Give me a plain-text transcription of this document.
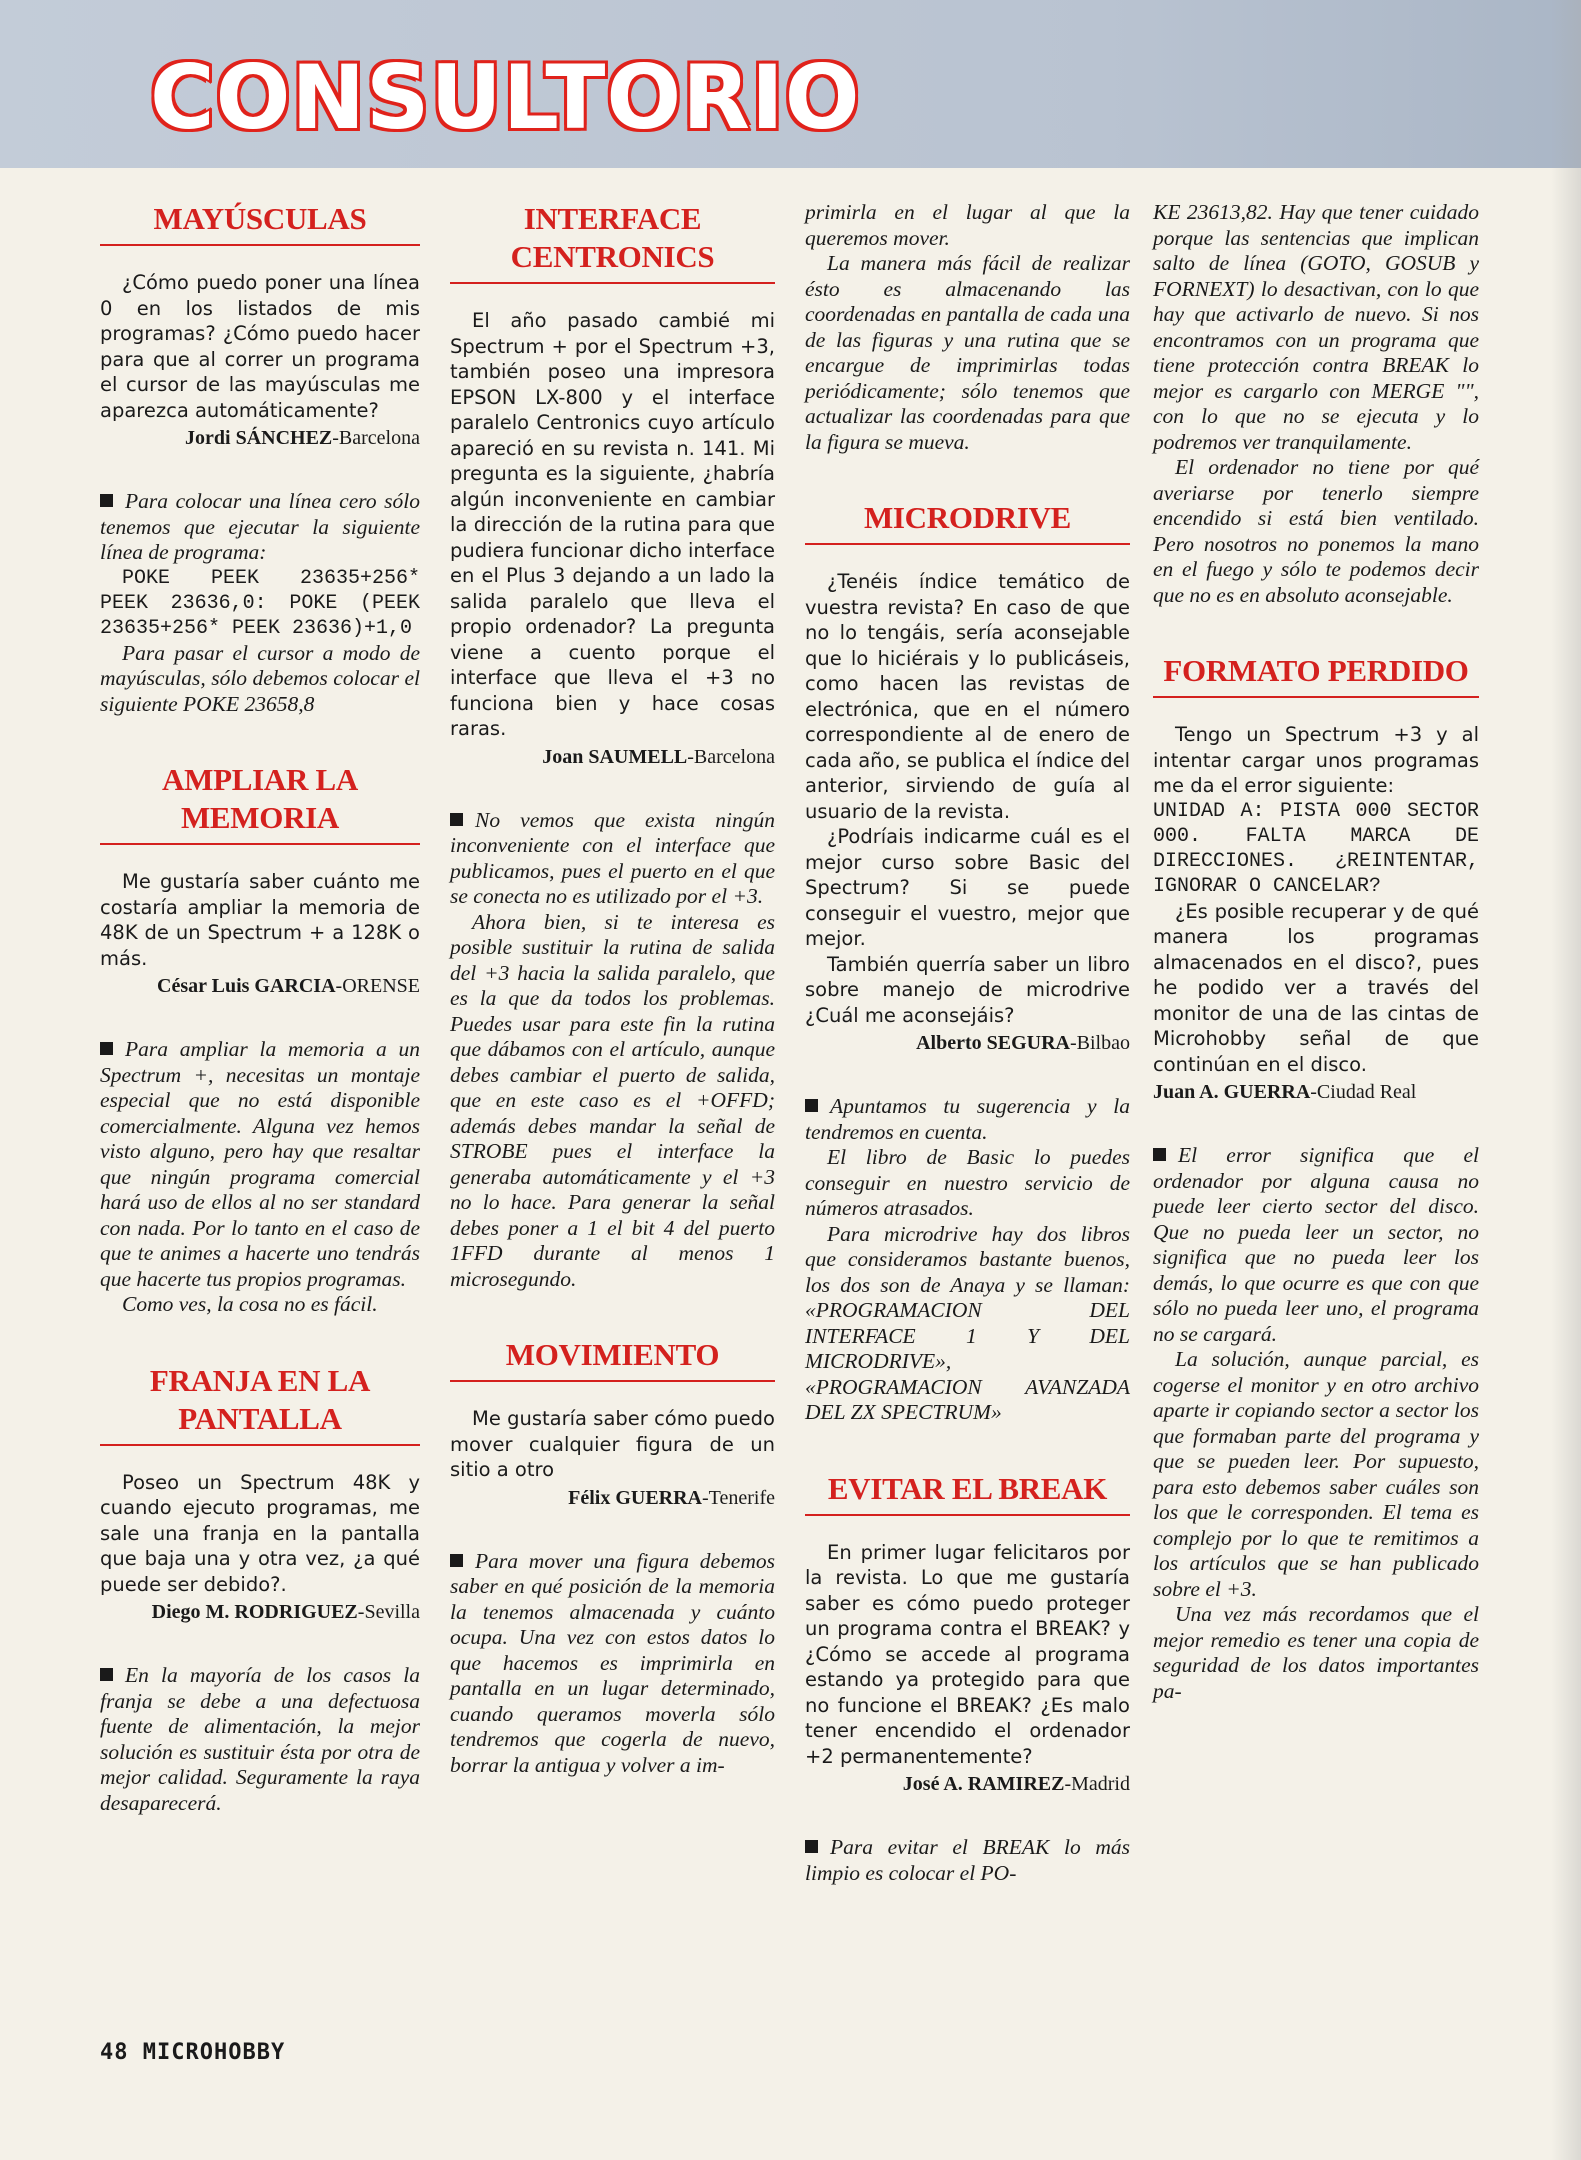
CONSULTORIO
MAYÚSCULAS

¿Cómo puedo poner una línea 0 en los listados de mis programas? ¿Cómo puedo hacer para que al correr un programa el cursor de las mayúsculas me aparezca automáticamente?

Jordi SÁNCHEZ-Barcelona

Para colocar una línea cero sólo tenemos que ejecutar la siguiente línea de programa:

POKE PEEK 23635+256* PEEK 23636,0: POKE (PEEK 23635+256* PEEK 23636)+1,0

Para pasar el cursor a modo de mayúsculas, sólo debemos colocar el siguiente POKE 23658,8

AMPLIAR LA MEMORIA

Me gustaría saber cuánto me costaría ampliar la memoria de 48K de un Spectrum + a 128K o más.

César Luis GARCIA-ORENSE

Para ampliar la memoria a un Spectrum +, necesitas un montaje especial que no está disponible comercialmente. Alguna vez hemos visto alguno, pero hay que resaltar que ningún programa comercial hará uso de ellos al no ser standard con nada. Por lo tanto en el caso de que te animes a hacerte uno tendrás que hacerte tus propios programas.

Como ves, la cosa no es fácil.

FRANJA EN LA PANTALLA

Poseo un Spectrum 48K y cuando ejecuto programas, me sale una franja en la pantalla que baja una y otra vez, ¿a qué puede ser debido?.

Diego M. RODRIGUEZ-Sevilla

En la mayoría de los casos la franja se debe a una defectuosa fuente de alimentación, la mejor solución es sustituir ésta por otra de mejor calidad. Seguramente la raya desaparecerá.

INTERFACE CENTRONICS

El año pasado cambié mi Spectrum + por el Spectrum +3, también poseo una impresora EPSON LX-800 y el interface paralelo Centronics cuyo artículo apareció en su revista n. 141. Mi pregunta es la siguiente, ¿habría algún inconveniente en cambiar la dirección de la rutina para que pudiera funcionar dicho interface en el Plus 3 dejando a un lado la salida paralelo que lleva el propio ordenador? La pregunta viene a cuento porque el interface que lleva el +3 no funciona bien y hace cosas raras.

Joan SAUMELL-Barcelona

No vemos que exista ningún inconveniente con el interface que publicamos, pues el puerto en el que se conecta no es utilizado por el +3.

Ahora bien, si te interesa es posible sustituir la rutina de salida del +3 hacia la salida paralelo, que es la que da todos los problemas. Puedes usar para este fin la rutina que dábamos con el artículo, aunque debes cambiar el puerto de salida, que en este caso es el +OFFD; además debes mandar la señal de STROBE pues el interface la generaba automáticamente y el +3 no lo hace. Para generar la señal debes poner a 1 el bit 4 del puerto 1FFD durante al menos 1 microsegundo.

MOVIMIENTO

Me gustaría saber cómo puedo mover cualquier figura de un sitio a otro

Félix GUERRA-Tenerife

Para mover una figura debemos saber en qué posición de la memoria la tenemos almacenada y cuánto ocupa. Una vez con estos datos lo que hacemos es imprimirla en pantalla en un lugar determinado, cuando queramos moverla sólo tendremos que cogerla de nuevo, borrar la antigua y volver a im-

primirla en el lugar al que la queremos mover.

La manera más fácil de realizar ésto es almacenando las coordenadas en pantalla de cada una de las figuras y una rutina que se encargue de imprimirlas todas periódicamente; sólo tenemos que actualizar las coordenadas para que la figura se mueva.

MICRODRIVE

¿Tenéis índice temático de vuestra revista? En caso de que no lo tengáis, sería aconsejable que lo hiciérais y lo publicáseis, como hacen las revistas de electrónica, que en el número correspondiente al de enero de cada año, se publica el índice del anterior, sirviendo de guía al usuario de la revista.

¿Podríais indicarme cuál es el mejor curso sobre Basic del Spectrum? Si se puede conseguir el vuestro, mejor que mejor.

También querría saber un libro sobre manejo de microdrive ¿Cuál me aconsejáis?

Alberto SEGURA-Bilbao

Apuntamos tu sugerencia y la tendremos en cuenta.

El libro de Basic lo puedes conseguir en nuestro servicio de números atrasados.

Para microdrive hay dos libros que consideramos bastante buenos, los dos son de Anaya y se llaman: «PROGRAMACION DEL INTERFACE 1 Y DEL MICRODRIVE», «PROGRAMACION AVANZADA DEL ZX SPECTRUM»

EVITAR EL BREAK

En primer lugar felicitaros por la revista. Lo que me gustaría saber es cómo puedo proteger un programa contra el BREAK? y ¿Cómo se accede al programa estando ya protegido para que no funcione el BREAK? ¿Es malo tener encendido el ordenador +2 permanentemente?

José A. RAMIREZ-Madrid

Para evitar el BREAK lo más limpio es colocar el PO-

KE 23613,82. Hay que tener cuidado porque las sentencias que implican salto de línea (GOTO, GOSUB y FORNEXT) lo desactivan, con lo que hay que activarlo de nuevo. Si nos encontramos con un programa que tiene protección contra BREAK lo mejor es cargarlo con MERGE "", con lo que no se ejecuta y lo podremos ver tranquilamente.

El ordenador no tiene por qué averiarse por tenerlo siempre encendido si está bien ventilado. Pero nosotros no ponemos la mano en el fuego y sólo te podemos decir que no es en absoluto aconsejable.

FORMATO PERDIDO

Tengo un Spectrum +3 y al intentar cargar unos programas me da el error siguiente:

UNIDAD A: PISTA 000 SECTOR 000. FALTA MARCA DE DIRECCIONES. ¿REINTENTAR, IGNORAR O CANCELAR?

¿Es posible recuperar y de qué manera los programas almacenados en el disco?, pues he podido ver a través del monitor de una de las cintas de Microhobby señal de que continúan en el disco.

Juan A. GUERRA-Ciudad Real

El error significa que el ordenador por alguna causa no puede leer cierto sector del disco. Que no pueda leer un sector, no significa que no pueda leer los demás, lo que ocurre es que con que sólo no pueda leer uno, el programa no se cargará.

La solución, aunque parcial, es cogerse el monitor y en otro archivo aparte ir copiando sector a sector los que formaban parte del programa y que se pueden leer. Por supuesto, para esto debemos saber cuáles son los que le corresponden. El tema es complejo por lo que te remitimos a los artículos que se han publicado sobre el +3.

Una vez más recordamos que el mejor remedio es tener una copia de seguridad de los datos importantes pa-

48 MICROHOBBY
